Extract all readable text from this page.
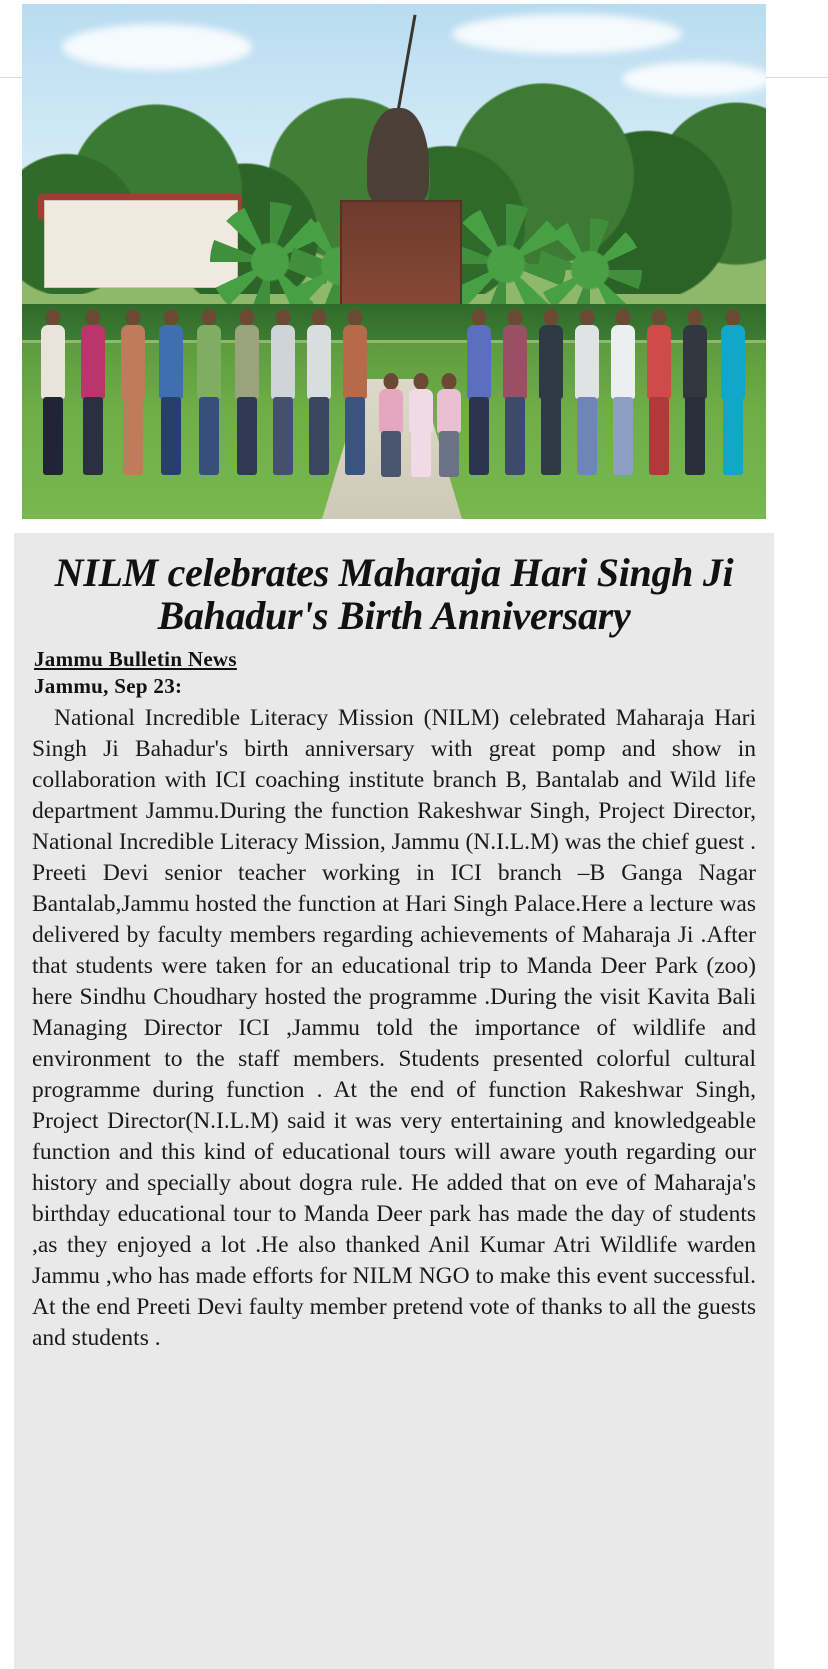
NILM celebrates Maharaja Hari Singh Ji Bahadur's Birth Anniversary
Jammu Bulletin News
Jammu, Sep 23:

National Incredible Literacy Mission (NILM) celebrated Maharaja Hari Singh Ji Bahadur's birth anniversary with great pomp and show in collaboration with ICI coaching institute branch B, Bantalab and Wild life department Jammu.During the function Rakeshwar Singh, Project Director, National Incredible Literacy Mission, Jammu (N.I.L.M) was the chief guest . Preeti Devi senior teacher working in ICI branch –B Ganga Nagar Bantalab,Jammu hosted the function at Hari Singh Palace.Here a lecture was delivered by faculty members regarding achievements of Maharaja Ji .After that students were taken for an educational trip to Manda Deer Park (zoo) here Sindhu Choudhary hosted the programme .During the visit Kavita Bali Managing Director ICI ,Jammu told the importance of wildlife and environment to the staff members. Students presented colorful cultural programme during function . At the end of function Rakeshwar Singh, Project Director(N.I.L.M) said it was very entertaining and knowledgeable function and this kind of educational tours will aware youth regarding our history and specially about dogra rule. He added that on eve of Maharaja's birthday educational tour to Manda Deer park has made the day of students ,as they enjoyed a lot .He also thanked Anil Kumar Atri Wildlife warden Jammu ,who has made efforts for NILM NGO to make this event successful. At the end Preeti Devi faulty member pretend vote of thanks to all the guests and students .
